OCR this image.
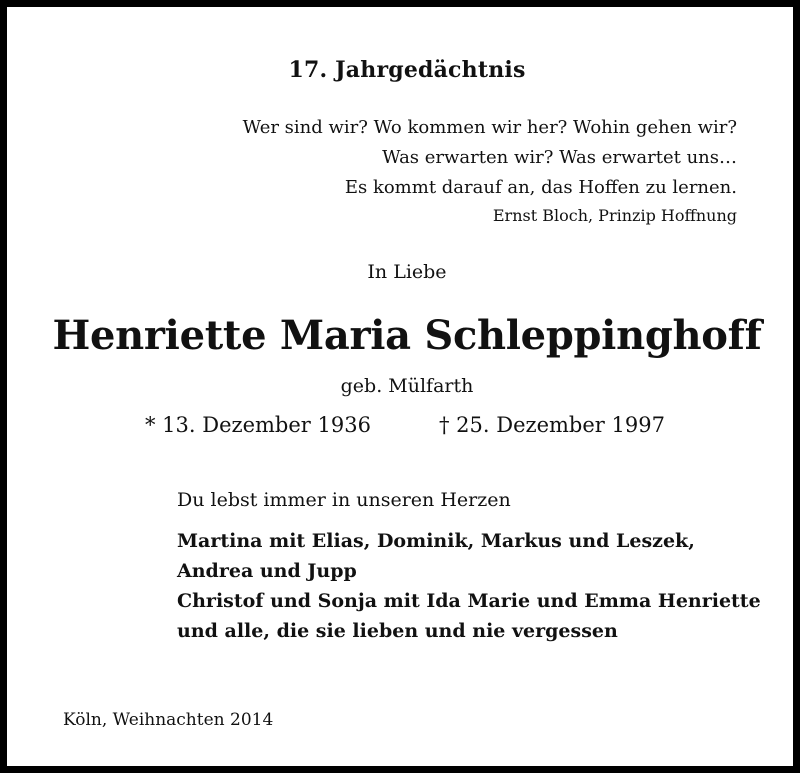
17. Jahrgedächtnis
Wer sind wir? Wo kommen wir her? Wohin gehen wir?
Was erwarten wir? Was erwartet uns…
Es kommt darauf an, das Hoffen zu lernen.
Ernst Bloch, Prinzip Hoffnung
In Liebe
Henriette Maria Schleppinghoff
geb. Mülfarth
* 13. Dezember 1936	† 25. Dezember 1997
Du lebst immer in unseren Herzen
Martina mit Elias, Dominik, Markus und Leszek,
Andrea und Jupp
Christof und Sonja mit Ida Marie und Emma Henriette
und alle, die sie lieben und nie vergessen
Köln, Weihnachten 2014
